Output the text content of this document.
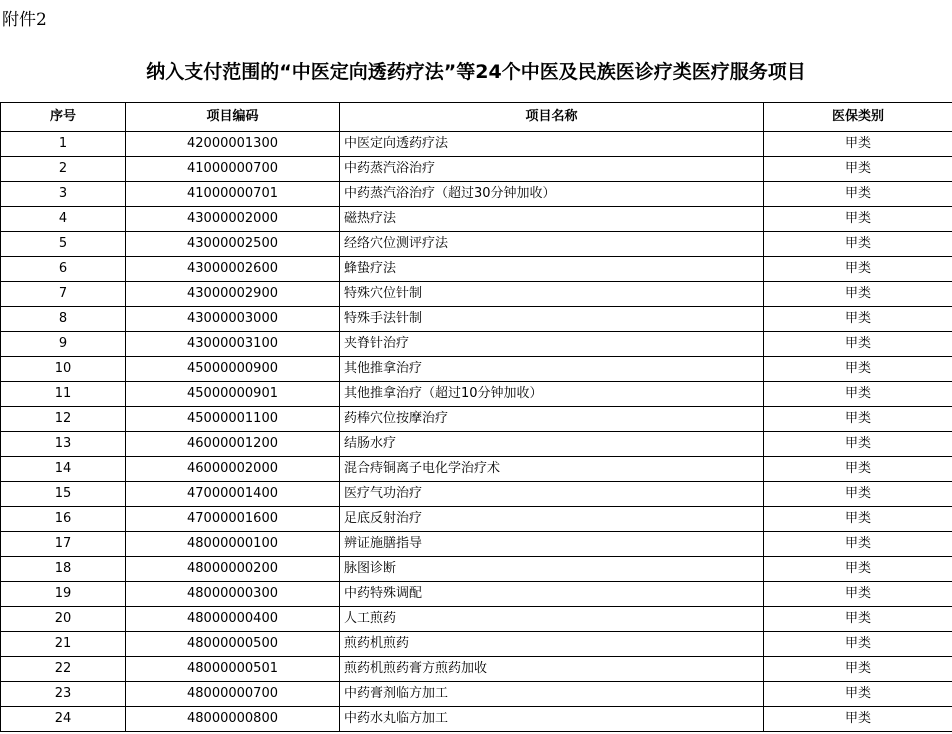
附件2
纳入支付范围的“中医定向透药疗法”等24个中医及民族医诊疗类医疗服务项目
序号	项目编码	项目名称	医保类别
1	42000001300	中医定向透药疗法	甲类
2	41000000700	中药蒸汽浴治疗	甲类
3	41000000701	中药蒸汽浴治疗（超过30分钟加收）	甲类
4	43000002000	磁热疗法	甲类
5	43000002500	经络穴位测评疗法	甲类
6	43000002600	蜂蛰疗法	甲类
7	43000002900	特殊穴位针制	甲类
8	43000003000	特殊手法针制	甲类
9	43000003100	夹脊针治疗	甲类
10	45000000900	其他推拿治疗	甲类
11	45000000901	其他推拿治疗（超过10分钟加收）	甲类
12	45000001100	药棒穴位按摩治疗	甲类
13	46000001200	结肠水疗	甲类
14	46000002000	混合痔铜离子电化学治疗术	甲类
15	47000001400	医疗气功治疗	甲类
16	47000001600	足底反射治疗	甲类
17	48000000100	辨证施膳指导	甲类
18	48000000200	脉图诊断	甲类
19	48000000300	中药特殊调配	甲类
20	48000000400	人工煎药	甲类
21	48000000500	煎药机煎药	甲类
22	48000000501	煎药机煎药膏方煎药加收	甲类
23	48000000700	中药膏剂临方加工	甲类
24	48000000800	中药水丸临方加工	甲类
